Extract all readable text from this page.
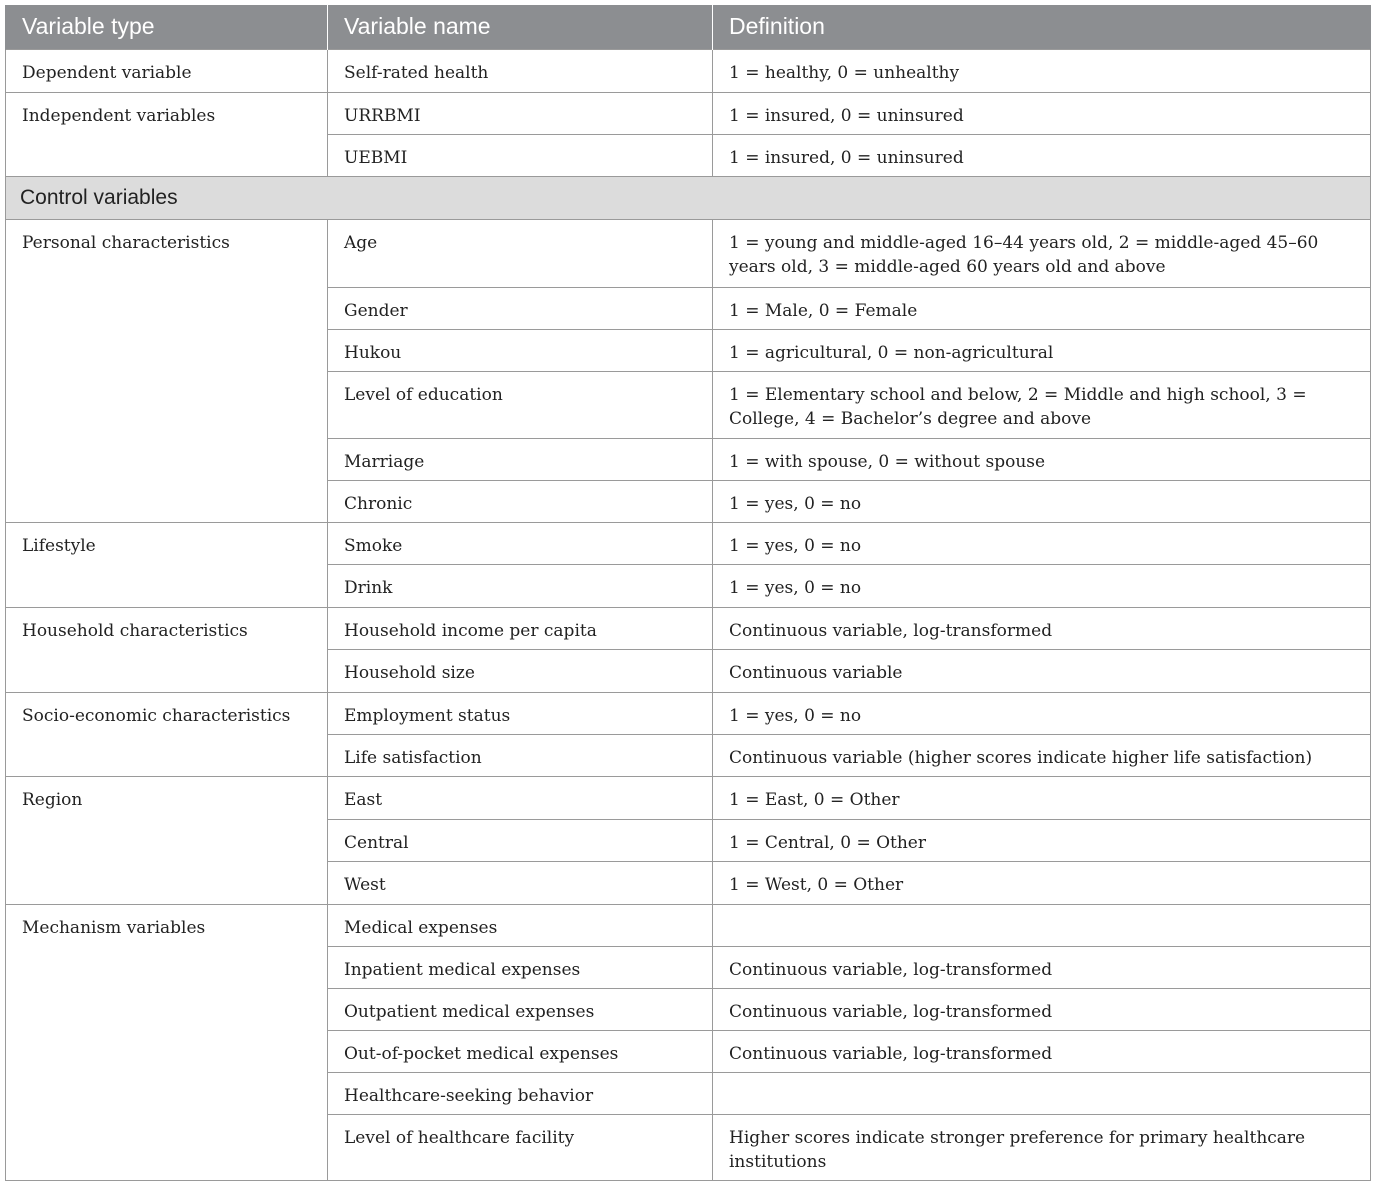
Variable type	Variable name	Definition
Dependent variable	Self-rated health	1 = healthy, 0 = unhealthy
Independent variables	URRBMI	1 = insured, 0 = uninsured
	UEBMI	1 = insured, 0 = uninsured
Control variables		
Personal characteristics	Age	1 = young and middle-aged 16–44 years old, 2 = middle-aged 45–60 years old, 3 = middle-aged 60 years old and above
	Gender	1 = Male, 0 = Female
	Hukou	1 = agricultural, 0 = non-agricultural
	Level of education	1 = Elementary school and below, 2 = Middle and high school, 3 = College, 4 = Bachelor’s degree and above
	Marriage	1 = with spouse, 0 = without spouse
	Chronic	1 = yes, 0 = no
Lifestyle	Smoke	1 = yes, 0 = no
	Drink	1 = yes, 0 = no
Household characteristics	Household income per capita	Continuous variable, log-transformed
	Household size	Continuous variable
Socio-economic characteristics	Employment status	1 = yes, 0 = no
	Life satisfaction	Continuous variable (higher scores indicate higher life satisfaction)
Region	East	1 = East, 0 = Other
	Central	1 = Central, 0 = Other
	West	1 = West, 0 = Other
Mechanism variables	Medical expenses	
	Inpatient medical expenses	Continuous variable, log-transformed
	Outpatient medical expenses	Continuous variable, log-transformed
	Out-of-pocket medical expenses	Continuous variable, log-transformed
	Healthcare-seeking behavior	
	Level of healthcare facility	Higher scores indicate stronger preference for primary healthcare institutions
